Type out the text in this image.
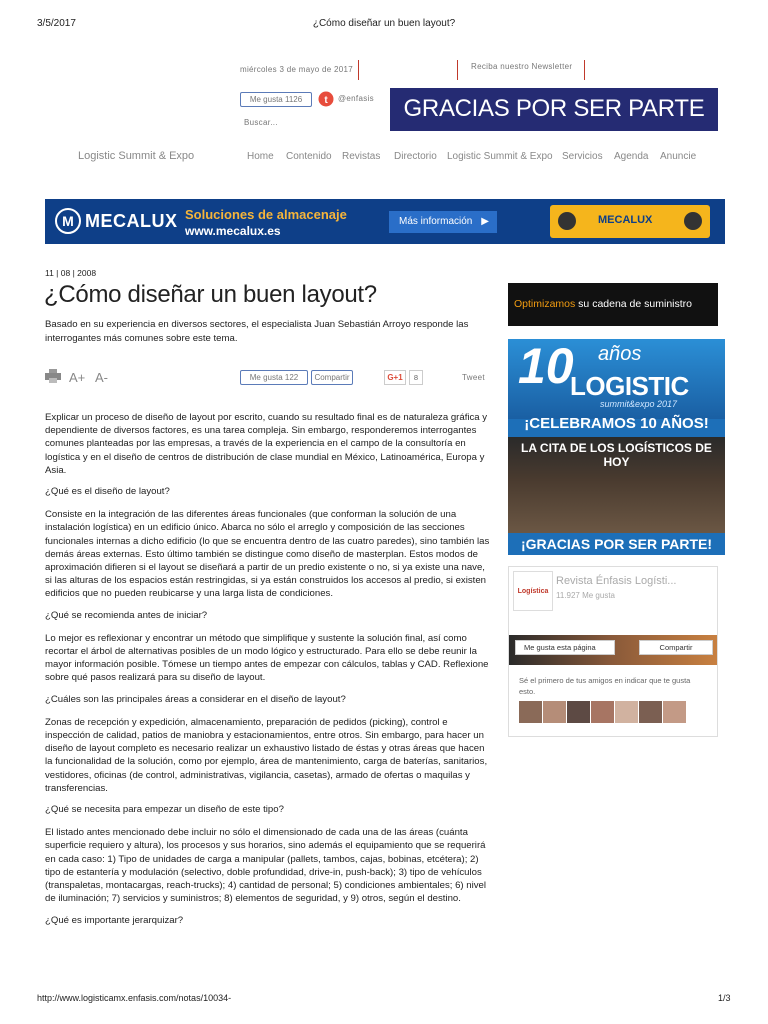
3/5/2017	¿Cómo diseñar un buen layout?
miércoles 3 de mayo de 2017	Reciba nuestro Newsletter
Me gusta 1126	t @enfasis
Buscar...
GRACIAS POR SER PARTE
Logistic Summit & Expo	Home Contenido Revistas Directorio Logistic Summit & Expo Servicios Agenda Anuncie
M MECALUX Soluciones de almacenaje
www.mecalux.es
Más información ▶	MECALUX
11 | 08 | 2008
¿Cómo diseñar un buen layout?
Basado en su experiencia en diversos sectores, el especialista Juan Sebastián Arroyo responde las interrogantes más comunes sobre este tema.
A+ A-	Me gusta 122	Compartir	G+1	8	Tweet

Explicar un proceso de diseño de layout por escrito, cuando su resultado final es de naturaleza gráfica y dependiente de diversos factores, es una tarea compleja. Sin embargo, responderemos interrogantes comunes planteadas por las empresas, a través de la experiencia en el campo de la consultoría en logística y en el diseño de centros de distribución de clase mundial en México, Latinoamérica, Europa y Asia.

¿Qué es el diseño de layout?

Consiste en la integración de las diferentes áreas funcionales (que conforman la solución de una instalación logística) en un edificio único. Abarca no sólo el arreglo y composición de las secciones funcionales internas a dicho edificio (lo que se encuentra dentro de las cuatro paredes), sino también las demás áreas externas. Esto último también se distingue como diseño de masterplan. Estos modos de aproximación difieren si el layout se diseñará a partir de un predio existente o no, si ya existe una nave, si las alturas de los espacios están restringidas, si ya están construidos los accesos al predio, si existen edificios que no pueden reubicarse y una larga lista de condiciones.

¿Qué se recomienda antes de iniciar?

Lo mejor es reflexionar y encontrar un método que simplifique y sustente la solución final, así como recortar el árbol de alternativas posibles de un modo lógico y estructurado. Para ello se debe reunir la mayor información posible. Tómese un tiempo antes de empezar con cálculos, tablas y CAD. Reflexione sobre qué pasos realizará para su diseño de layout.

¿Cuáles son las principales áreas a considerar en el diseño de layout?

Zonas de recepción y expedición, almacenamiento, preparación de pedidos (picking), control e inspección de calidad, patios de maniobra y estacionamientos, entre otros. Sin embargo, para hacer un diseño de layout completo es necesario realizar un exhaustivo listado de éstas y otras áreas que hacen la funcionalidad de la solución, como por ejemplo, área de mantenimiento, carga de baterías, sanitarios, vestidores, oficinas (de control, administrativas, vigilancia, casetas), armado de ofertas o maquilas y transferencias.

¿Qué se necesita para empezar un diseño de este tipo?

El listado antes mencionado debe incluir no sólo el dimensionado de cada una de las áreas (cuánta superficie requiero y altura), los procesos y sus horarios, sino además el equipamiento que se requerirá en cada caso: 1) Tipo de unidades de carga a manipular (pallets, tambos, cajas, bobinas, etcétera); 2) tipo de estantería y modulación (selectivo, doble profundidad, drive-in, push-back); 3) tipo de vehículos (transpaletas, montacargas, reach-trucks); 4) cantidad de personal; 5) condiciones ambientales; 6) nivel de iluminación; 7) servicios y suministros; 8) elementos de seguridad, y 9) otros, según el destino.

¿Qué es importante jerarquizar?

Optimizamos su cadena de suministro
10 años
LOGISTIC
summit&expo 2017
¡CELEBRAMOS 10 AÑOS!
LA CITA DE LOS LOGÍSTICOS DE HOY
¡GRACIAS POR SER PARTE!
Logística
Revista Énfasis Logísti...
11.927 Me gusta
Me gusta esta página	Compartir
Sé el primero de tus amigos en indicar que te gusta esto.
http://www.logisticamx.enfasis.com/notas/10034-	1/3
